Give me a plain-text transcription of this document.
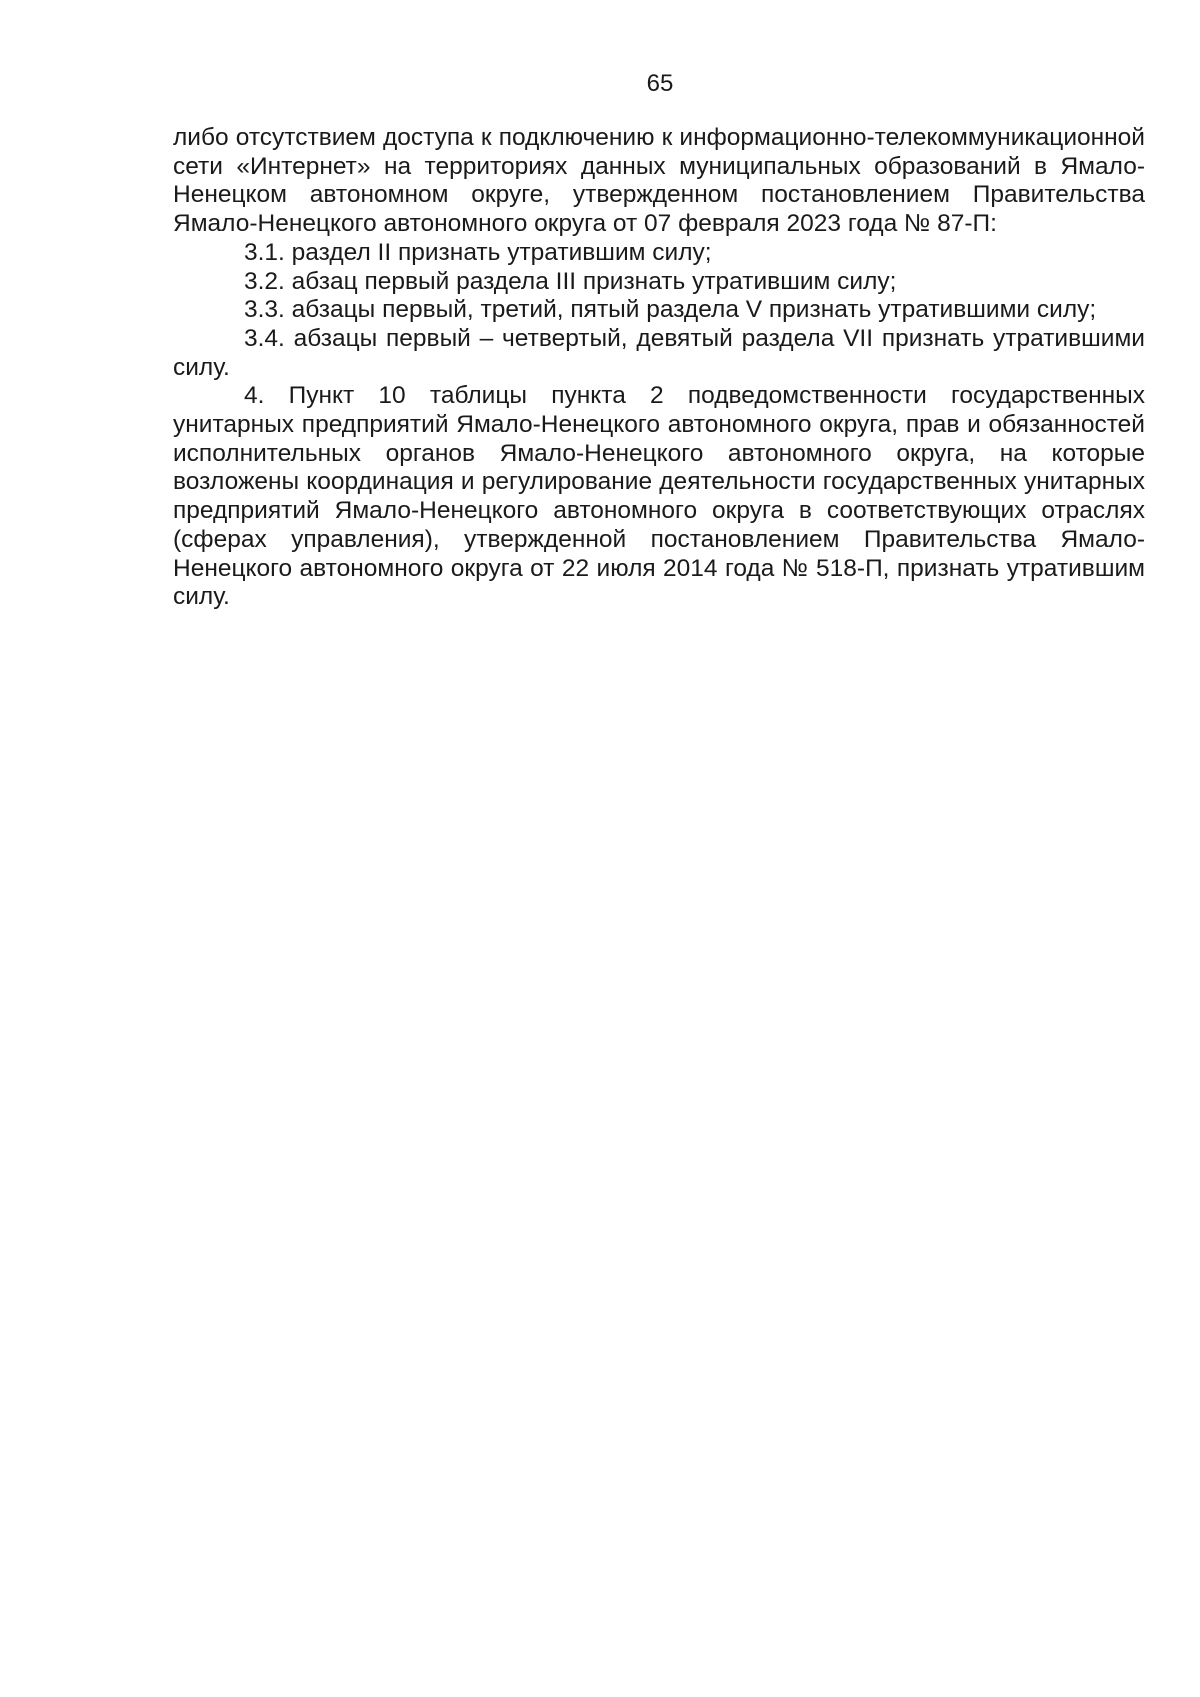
65

либо отсутствием доступа к подключению к информационно-телекоммуникационной сети «Интернет» на территориях данных муниципальных образований в Ямало-Ненецком автономном округе, утвержденном постановлением Правительства Ямало-Ненецкого автономного округа от 07 февраля 2023 года № 87-П:

3.1. раздел II признать утратившим силу;

3.2. абзац первый раздела III признать утратившим силу;

3.3. абзацы первый, третий, пятый раздела V признать утратившими силу;

3.4. абзацы первый – четвертый, девятый раздела VII признать утратившими силу.

4. Пункт 10 таблицы пункта 2 подведомственности государственных унитарных предприятий Ямало-Ненецкого автономного округа, прав и обязанностей исполнительных органов Ямало-Ненецкого автономного округа, на которые возложены координация и регулирование деятельности государственных унитарных предприятий Ямало-Ненецкого автономного округа в соответствующих отраслях (сферах управления), утвержденной постановлением Правительства Ямало-Ненецкого автономного округа от 22 июля 2014 года № 518-П, признать утратившим силу.
